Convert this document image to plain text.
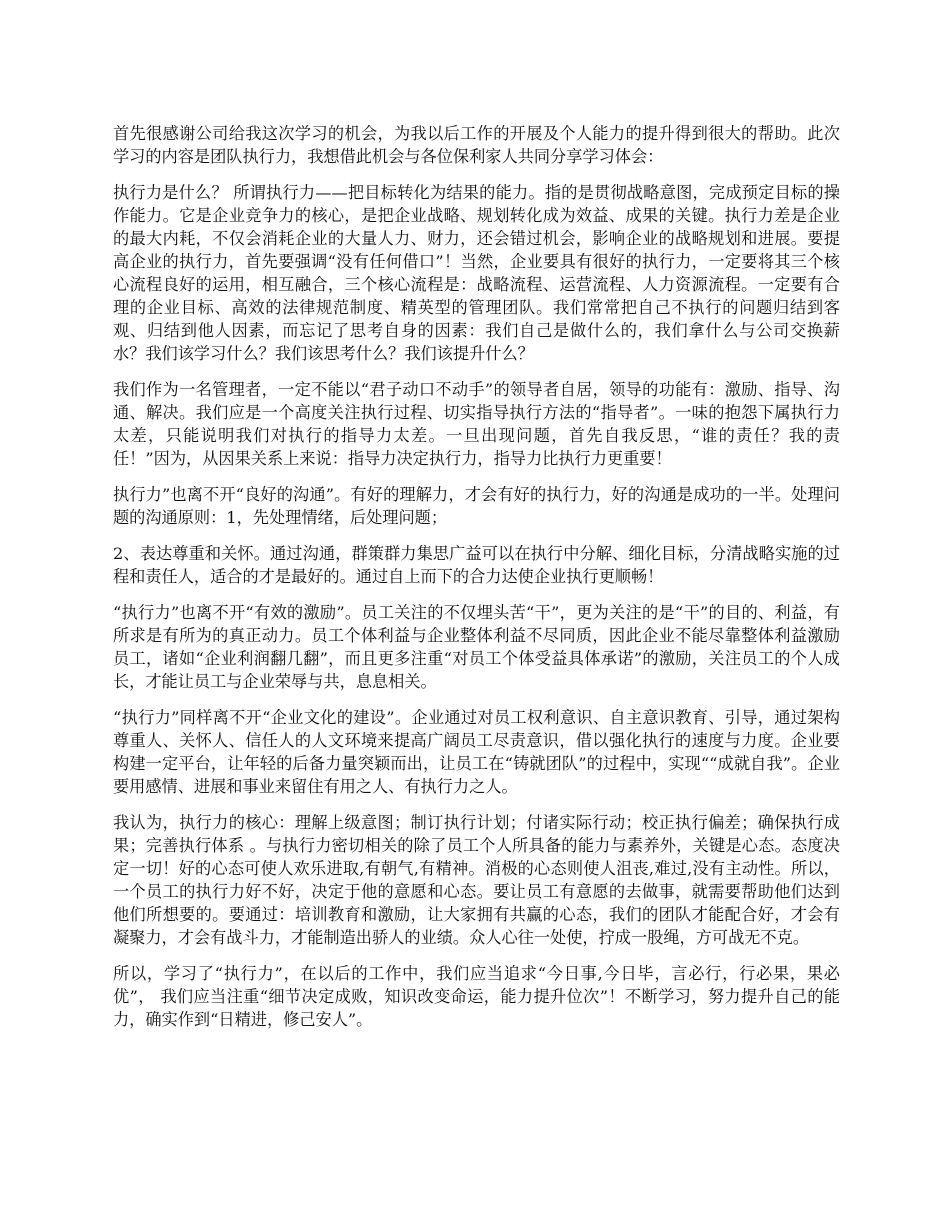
首先很感谢公司给我这次学习的机会，为我以后工作的开展及个人能力的提升得到很大的帮助。此次学习的内容是团队执行力，我想借此机会与各位保利家人共同分享学习体会：

执行力是什么？ 所谓执行力——把目标转化为结果的能力。指的是贯彻战略意图，完成预定目标的操作能力。它是企业竞争力的核心，是把企业战略、规划转化成为效益、成果的关键。执行力差是企业的最大内耗，不仅会消耗企业的大量人力、财力，还会错过机会，影响企业的战略规划和进展。要提高企业的执行力，首先要强调“没有任何借口”！当然，企业要具有很好的执行力，一定要将其三个核心流程良好的运用，相互融合，三个核心流程是：战略流程、运营流程、人力资源流程。一定要有合理的企业目标、高效的法律规范制度、精英型的管理团队。我们常常把自己不执行的问题归结到客观、归结到他人因素，而忘记了思考自身的因素：我们自己是做什么的，我们拿什么与公司交换薪水？我们该学习什么？我们该思考什么？我们该提升什么？

我们作为一名管理者，一定不能以“君子动口不动手”的领导者自居，领导的功能有：激励、指导、沟通、解决。我们应是一个高度关注执行过程、切实指导执行方法的“指导者”。一味的抱怨下属执行力太差，只能说明我们对执行的指导力太差。一旦出现问题，首先自我反思，“谁的责任？我的责任！”因为，从因果关系上来说：指导力决定执行力，指导力比执行力更重要！

执行力”也离不开“良好的沟通”。有好的理解力，才会有好的执行力，好的沟通是成功的一半。处理问题的沟通原则：1，先处理情绪，后处理问题；

2、表达尊重和关怀。通过沟通，群策群力集思广益可以在执行中分解、细化目标，分清战略实施的过程和责任人，适合的才是最好的。通过自上而下的合力达使企业执行更顺畅！

“执行力”也离不开“有效的激励”。员工关注的不仅埋头苦“干”，更为关注的是“干”的目的、利益，有所求是有所为的真正动力。员工个体利益与企业整体利益不尽同质，因此企业不能尽靠整体利益激励员工，诸如“企业利润翻几翻”，而且更多注重“对员工个体受益具体承诺”的激励，关注员工的个人成长，才能让员工与企业荣辱与共，息息相关。

“执行力”同样离不开“企业文化的建设”。企业通过对员工权利意识、自主意识教育、引导，通过架构尊重人、关怀人、信任人的人文环境来提高广阔员工尽责意识，借以强化执行的速度与力度。企业要构建一定平台，让年轻的后备力量突颖而出，让员工在“铸就团队”的过程中，实现““成就自我”。企业要用感情、进展和事业来留住有用之人、有执行力之人。

我认为，执行力的核心：理解上级意图；制订执行计划；付诸实际行动；校正执行偏差；确保执行成果；完善执行体系 。与执行力密切相关的除了员工个人所具备的能力与素养外，关键是心态。态度决定一切！好的心态可使人欢乐进取,有朝气,有精神。消极的心态则使人沮丧,难过,没有主动性。所以，一个员工的执行力好不好，决定于他的意愿和心态。要让员工有意愿的去做事，就需要帮助他们达到他们所想要的。要通过：培训教育和激励，让大家拥有共赢的心态，我们的团队才能配合好，才会有凝聚力，才会有战斗力，才能制造出骄人的业绩。众人心往一处使，拧成一股绳，方可战无不克。

所以，学习了“执行力”，在以后的工作中，我们应当追求“今日事,今日毕，言必行，行必果，果必优”， 我们应当注重“细节决定成败，知识改变命运，能力提升位次”！不断学习，努力提升自己的能力，确实作到“日精进，修己安人”。
